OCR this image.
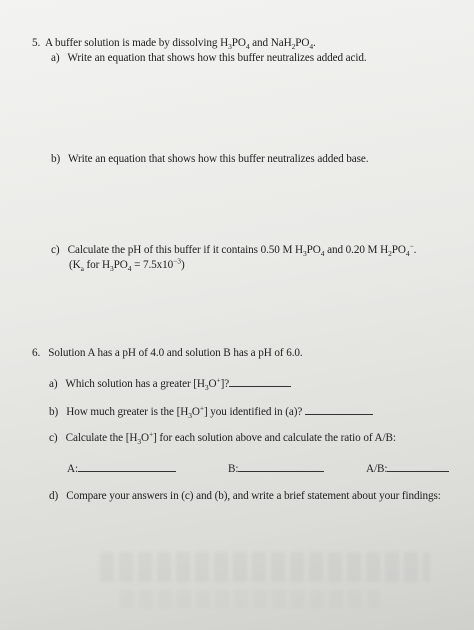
5. A buffer solution is made by dissolving $H_3PO_4$ and $NaH_2PO_4$.
a) Write an equation that shows how this buffer neutralizes added acid.
b) Write an equation that shows how this buffer neutralizes added base.
c) Calculate the pH of this buffer if it contains 0.50 M $H_3PO_4$ and 0.20 M $H_2PO_4^-$.
($K_a$ for $H_3PO_4 = 7.5x10^{-3}$)
6. Solution A has a pH of 4.0 and solution B has a pH of 6.0.
a) Which solution has a greater $[H_3O^+]$?
b) How much greater is the $[H_3O^+]$ you identified in (a)?
c) Calculate the $[H_3O^+]$ for each solution above and calculate the ratio of A/B:
A:	B:	A/B:
d) Compare your answers in (c) and (b), and write a brief statement about your findings:
